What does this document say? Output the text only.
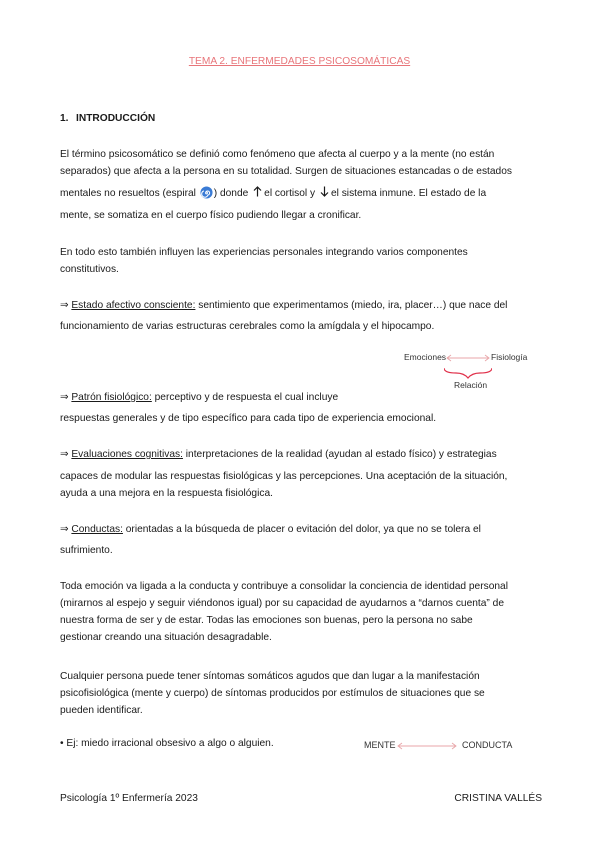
TEMA 2. ENFERMEDADES PSICOSOMÁTICAS
1. INTRODUCCIÓN
El término psicosomático se definió como fenómeno que afecta al cuerpo y a la mente (no están
separados) que afecta a la persona en su totalidad. Surgen de situaciones estancadas o de estados
mentales no resueltos (espiral ) donde el cortisol y el sistema inmune. El estado de la
mente, se somatiza en el cuerpo físico pudiendo llegar a cronificar.
En todo esto también influyen las experiencias personales integrando varios componentes
constitutivos.
⇒ Estado afectivo consciente: sentimiento que experimentamos (miedo, ira, placer…) que nace del
funcionamiento de varias estructuras cerebrales como la amígdala y el hipocampo.
Emociones	Fisiología
Relación
⇒ Patrón fisiológico: perceptivo y de respuesta el cual incluye
respuestas generales y de tipo específico para cada tipo de experiencia emocional.
⇒ Evaluaciones cognitivas: interpretaciones de la realidad (ayudan al estado físico) y estrategias
capaces de modular las respuestas fisiológicas y las percepciones. Una aceptación de la situación,
ayuda a una mejora en la respuesta fisiológica.
⇒ Conductas: orientadas a la búsqueda de placer o evitación del dolor, ya que no se tolera el
sufrimiento.
Toda emoción va ligada a la conducta y contribuye a consolidar la conciencia de identidad personal
(mirarnos al espejo y seguir viéndonos igual) por su capacidad de ayudarnos a “darnos cuenta” de
nuestra forma de ser y de estar. Todas las emociones son buenas, pero la persona no sabe
gestionar creando una situación desagradable.
Cualquier persona puede tener síntomas somáticos agudos que dan lugar a la manifestación
psicofisiológica (mente y cuerpo) de síntomas producidos por estímulos de situaciones que se
pueden identificar.
• Ej: miedo irracional obsesivo a algo o alguien.	MENTE	CONDUCTA
Psicología 1º Enfermería 2023	CRISTINA VALLÉS
